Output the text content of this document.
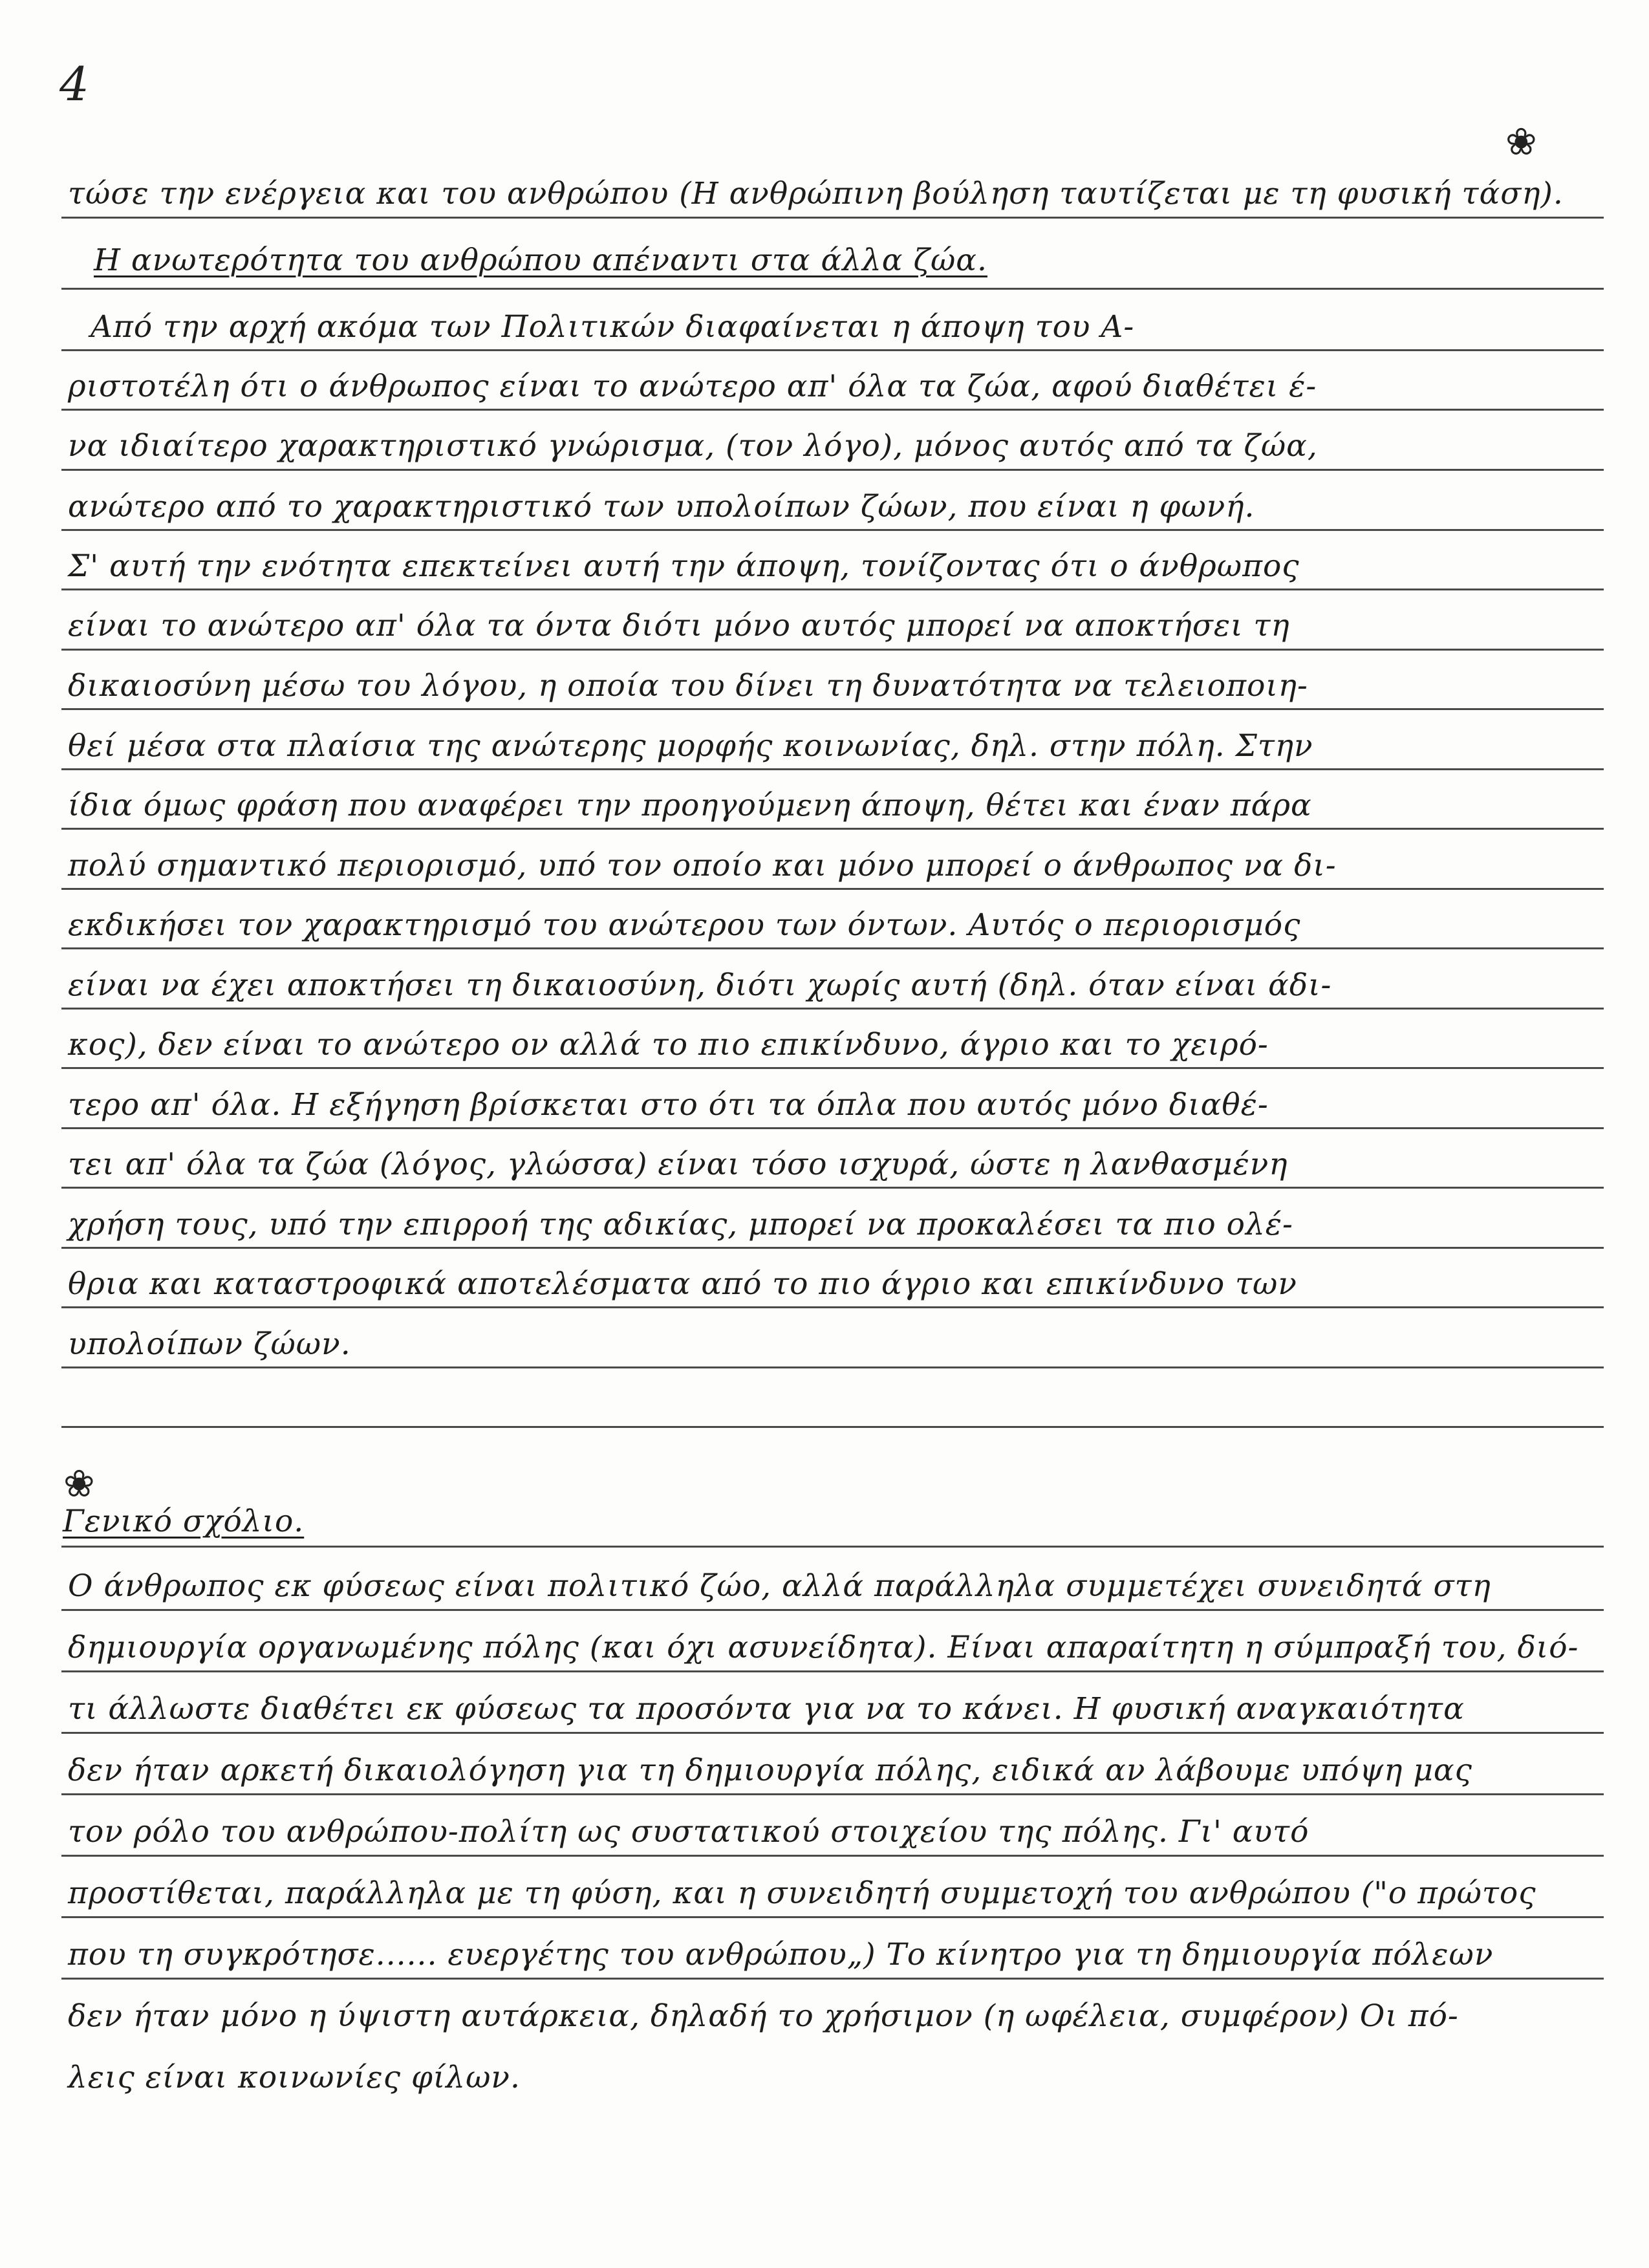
4
❀
τώσε την ενέργεια και του ανθρώπου (Η ανθρώπινη βούληση ταυτίζεται με τη φυσική τάση).
Η ανωτερότητα του ανθρώπου απέναντι στα άλλα ζώα.
Από την αρχή ακόμα των Πολιτικών διαφαίνεται η άποψη του Α-
ριστοτέλη ότι ο άνθρωπος είναι το ανώτερο απ' όλα τα ζώα, αφού διαθέτει έ-
να ιδιαίτερο χαρακτηριστικό γνώρισμα, (τον λόγο), μόνος αυτός από τα ζώα,
ανώτερο από το χαρακτηριστικό των υπολοίπων ζώων, που είναι η φωνή.
Σ' αυτή την ενότητα επεκτείνει αυτή την άποψη, τονίζοντας ότι ο άνθρωπος
είναι το ανώτερο απ' όλα τα όντα διότι μόνο αυτός μπορεί να αποκτήσει τη
δικαιοσύνη μέσω του λόγου, η οποία του δίνει τη δυνατότητα να τελειοποιη-
θεί μέσα στα πλαίσια της ανώτερης μορφής κοινωνίας, δηλ. στην πόλη. Στην
ίδια όμως φράση που αναφέρει την προηγούμενη άποψη, θέτει και έναν πάρα
πολύ σημαντικό περιορισμό, υπό τον οποίο και μόνο μπορεί ο άνθρωπος να δι-
εκδικήσει τον χαρακτηρισμό του ανώτερου των όντων. Αυτός ο περιορισμός
είναι να έχει αποκτήσει τη δικαιοσύνη, διότι χωρίς αυτή (δηλ. όταν είναι άδι-
κος), δεν είναι το ανώτερο ον αλλά το πιο επικίνδυνο, άγριο και το χειρό-
τερο απ' όλα. Η εξήγηση βρίσκεται στο ότι τα όπλα που αυτός μόνο διαθέ-
τει απ' όλα τα ζώα (λόγος, γλώσσα) είναι τόσο ισχυρά, ώστε η λανθασμένη
χρήση τους, υπό την επιρροή της αδικίας, μπορεί να προκαλέσει τα πιο ολέ-
θρια και καταστροφικά αποτελέσματα από το πιο άγριο και επικίνδυνο των
υπολοίπων ζώων.
❀
Γενικό σχόλιο.
Ο άνθρωπος εκ φύσεως είναι πολιτικό ζώο, αλλά παράλληλα συμμετέχει συνειδητά στη
δημιουργία οργανωμένης πόλης (και όχι ασυνείδητα). Είναι απαραίτητη η σύμπραξή του, διό-
τι άλλωστε διαθέτει εκ φύσεως τα προσόντα για να το κάνει. Η φυσική αναγκαιότητα
δεν ήταν αρκετή δικαιολόγηση για τη δημιουργία πόλης, ειδικά αν λάβουμε υπόψη μας
τον ρόλο του ανθρώπου-πολίτη ως συστατικού στοιχείου της πόλης. Γι' αυτό
προστίθεται, παράλληλα με τη φύση, και η συνειδητή συμμετοχή του ανθρώπου ("ο πρώτος
που τη συγκρότησε...... ευεργέτης του ανθρώπου„) Το κίνητρο για τη δημιουργία πόλεων
δεν ήταν μόνο η ύψιστη αυτάρκεια, δηλαδή το χρήσιμον (η ωφέλεια, συμφέρον) Οι πό-
λεις είναι κοινωνίες φίλων.
